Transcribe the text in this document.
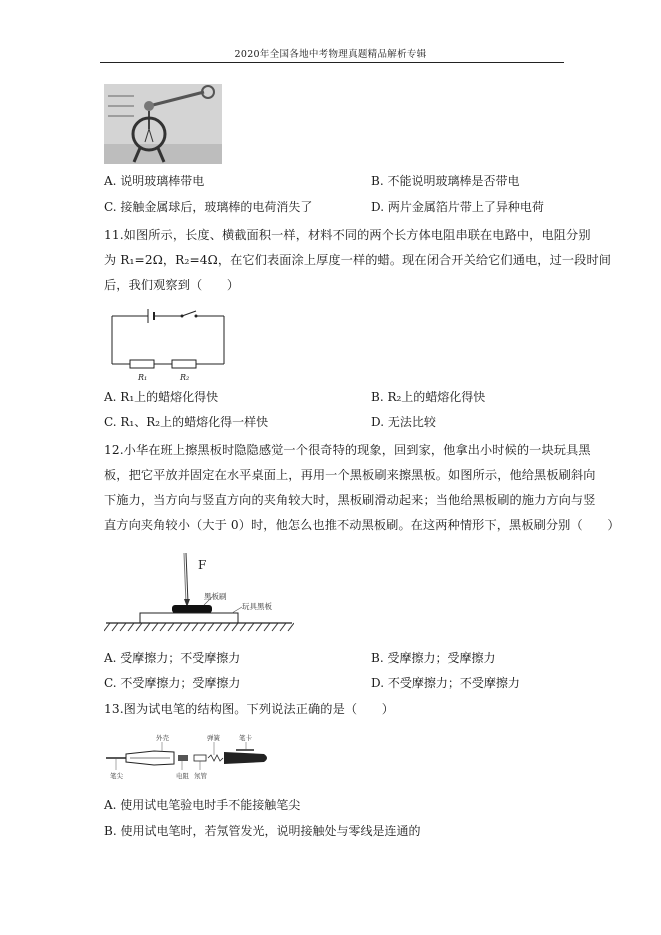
2020年全国各地中考物理真题精品解析专辑
A. 说明玻璃棒带电	B. 不能说明玻璃棒是否带电
C. 接触金属球后，玻璃棒的电荷消失了	D. 两片金属箔片带上了异种电荷
11.如图所示，长度、横截面积一样，材料不同的两个长方体电阻串联在电路中，电阻分别
为 R₁=2Ω，R₂=4Ω，在它们表面涂上厚度一样的蜡。现在闭合开关给它们通电，过一段时间
后，我们观察到（　　）
R₁	R₂
A. R₁上的蜡熔化得快	B. R₂上的蜡熔化得快
C. R₁、R₂上的蜡熔化得一样快	D. 无法比较
12.小华在班上擦黑板时隐隐感觉一个很奇特的现象，回到家，他拿出小时候的一块玩具黑
板，把它平放并固定在水平桌面上，再用一个黑板刷来擦黑板。如图所示，他给黑板刷斜向
下施力，当方向与竖直方向的夹角较大时，黑板刷滑动起来；当他给黑板刷的施力方向与竖
直方向夹角较小（大于 0）时，他怎么也推不动黑板刷。在这两种情形下，黑板刷分别（　　）
F
黑板刷
玩具黑板
A. 受摩擦力；不受摩擦力	B. 受摩擦力；受摩擦力
C. 不受摩擦力；受摩擦力	D. 不受摩擦力；不受摩擦力
13.图为试电笔的结构图。下列说法正确的是（　　）
外壳	弹簧	笔卡
笔尖	电阻 氖管
A. 使用试电笔验电时手不能接触笔尖
B. 使用试电笔时，若氖管发光，说明接触处与零线是连通的
